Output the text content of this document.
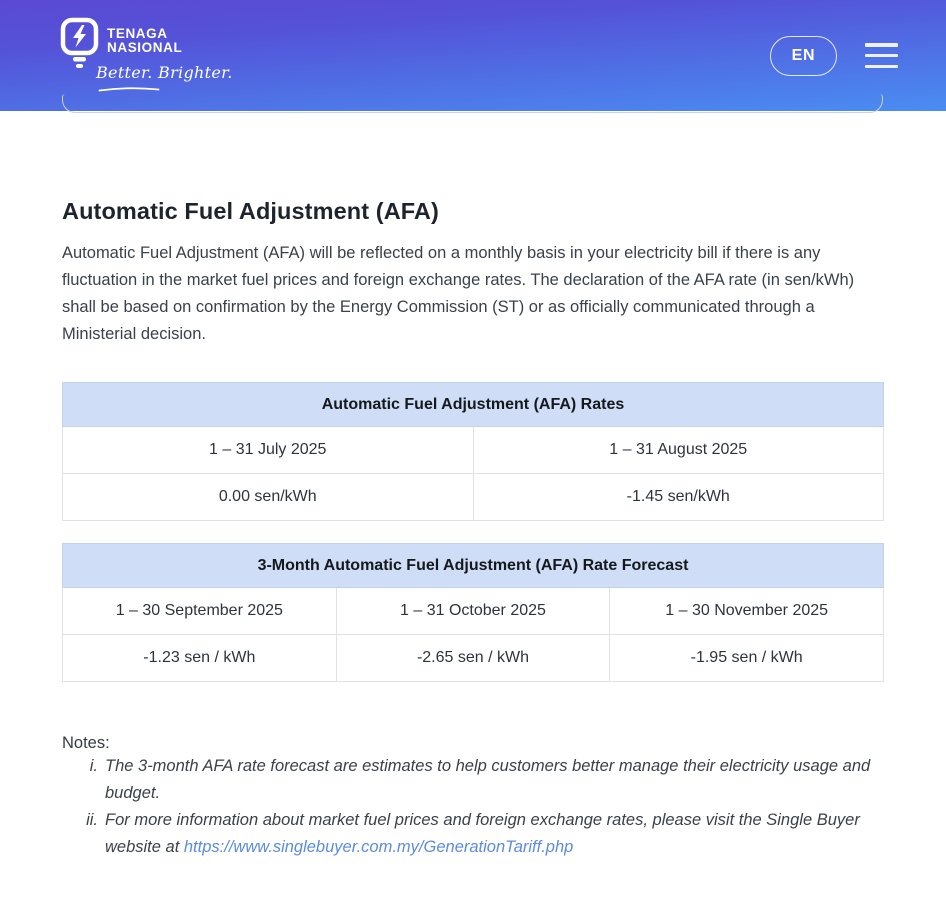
TENAGA
NASIONAL
Better. Brighter.
EN
Automatic Fuel Adjustment (AFA)

Automatic Fuel Adjustment (AFA) will be reflected on a monthly basis in your electricity bill if there is any fluctuation in the market fuel prices and foreign exchange rates. The declaration of the AFA rate (in sen/kWh) shall be based on confirmation by the Energy Commission (ST) or as officially communicated through a Ministerial decision.

Automatic Fuel Adjustment (AFA) Rates	
1 – 31 July 2025	1 – 31 August 2025
0.00 sen/kWh	-1.45 sen/kWh
3-Month Automatic Fuel Adjustment (AFA) Rate Forecast		
1 – 30 September 2025	1 – 31 October 2025	1 – 30 November 2025
-1.23 sen / kWh	-2.65 sen / kWh	-1.95 sen / kWh
Notes:
i. The 3-month AFA rate forecast are estimates to help customers better manage their electricity usage and budget.
ii. For more information about market fuel prices and foreign exchange rates, please visit the Single Buyer website at https://www.singlebuyer.com.my/GenerationTariff.php
